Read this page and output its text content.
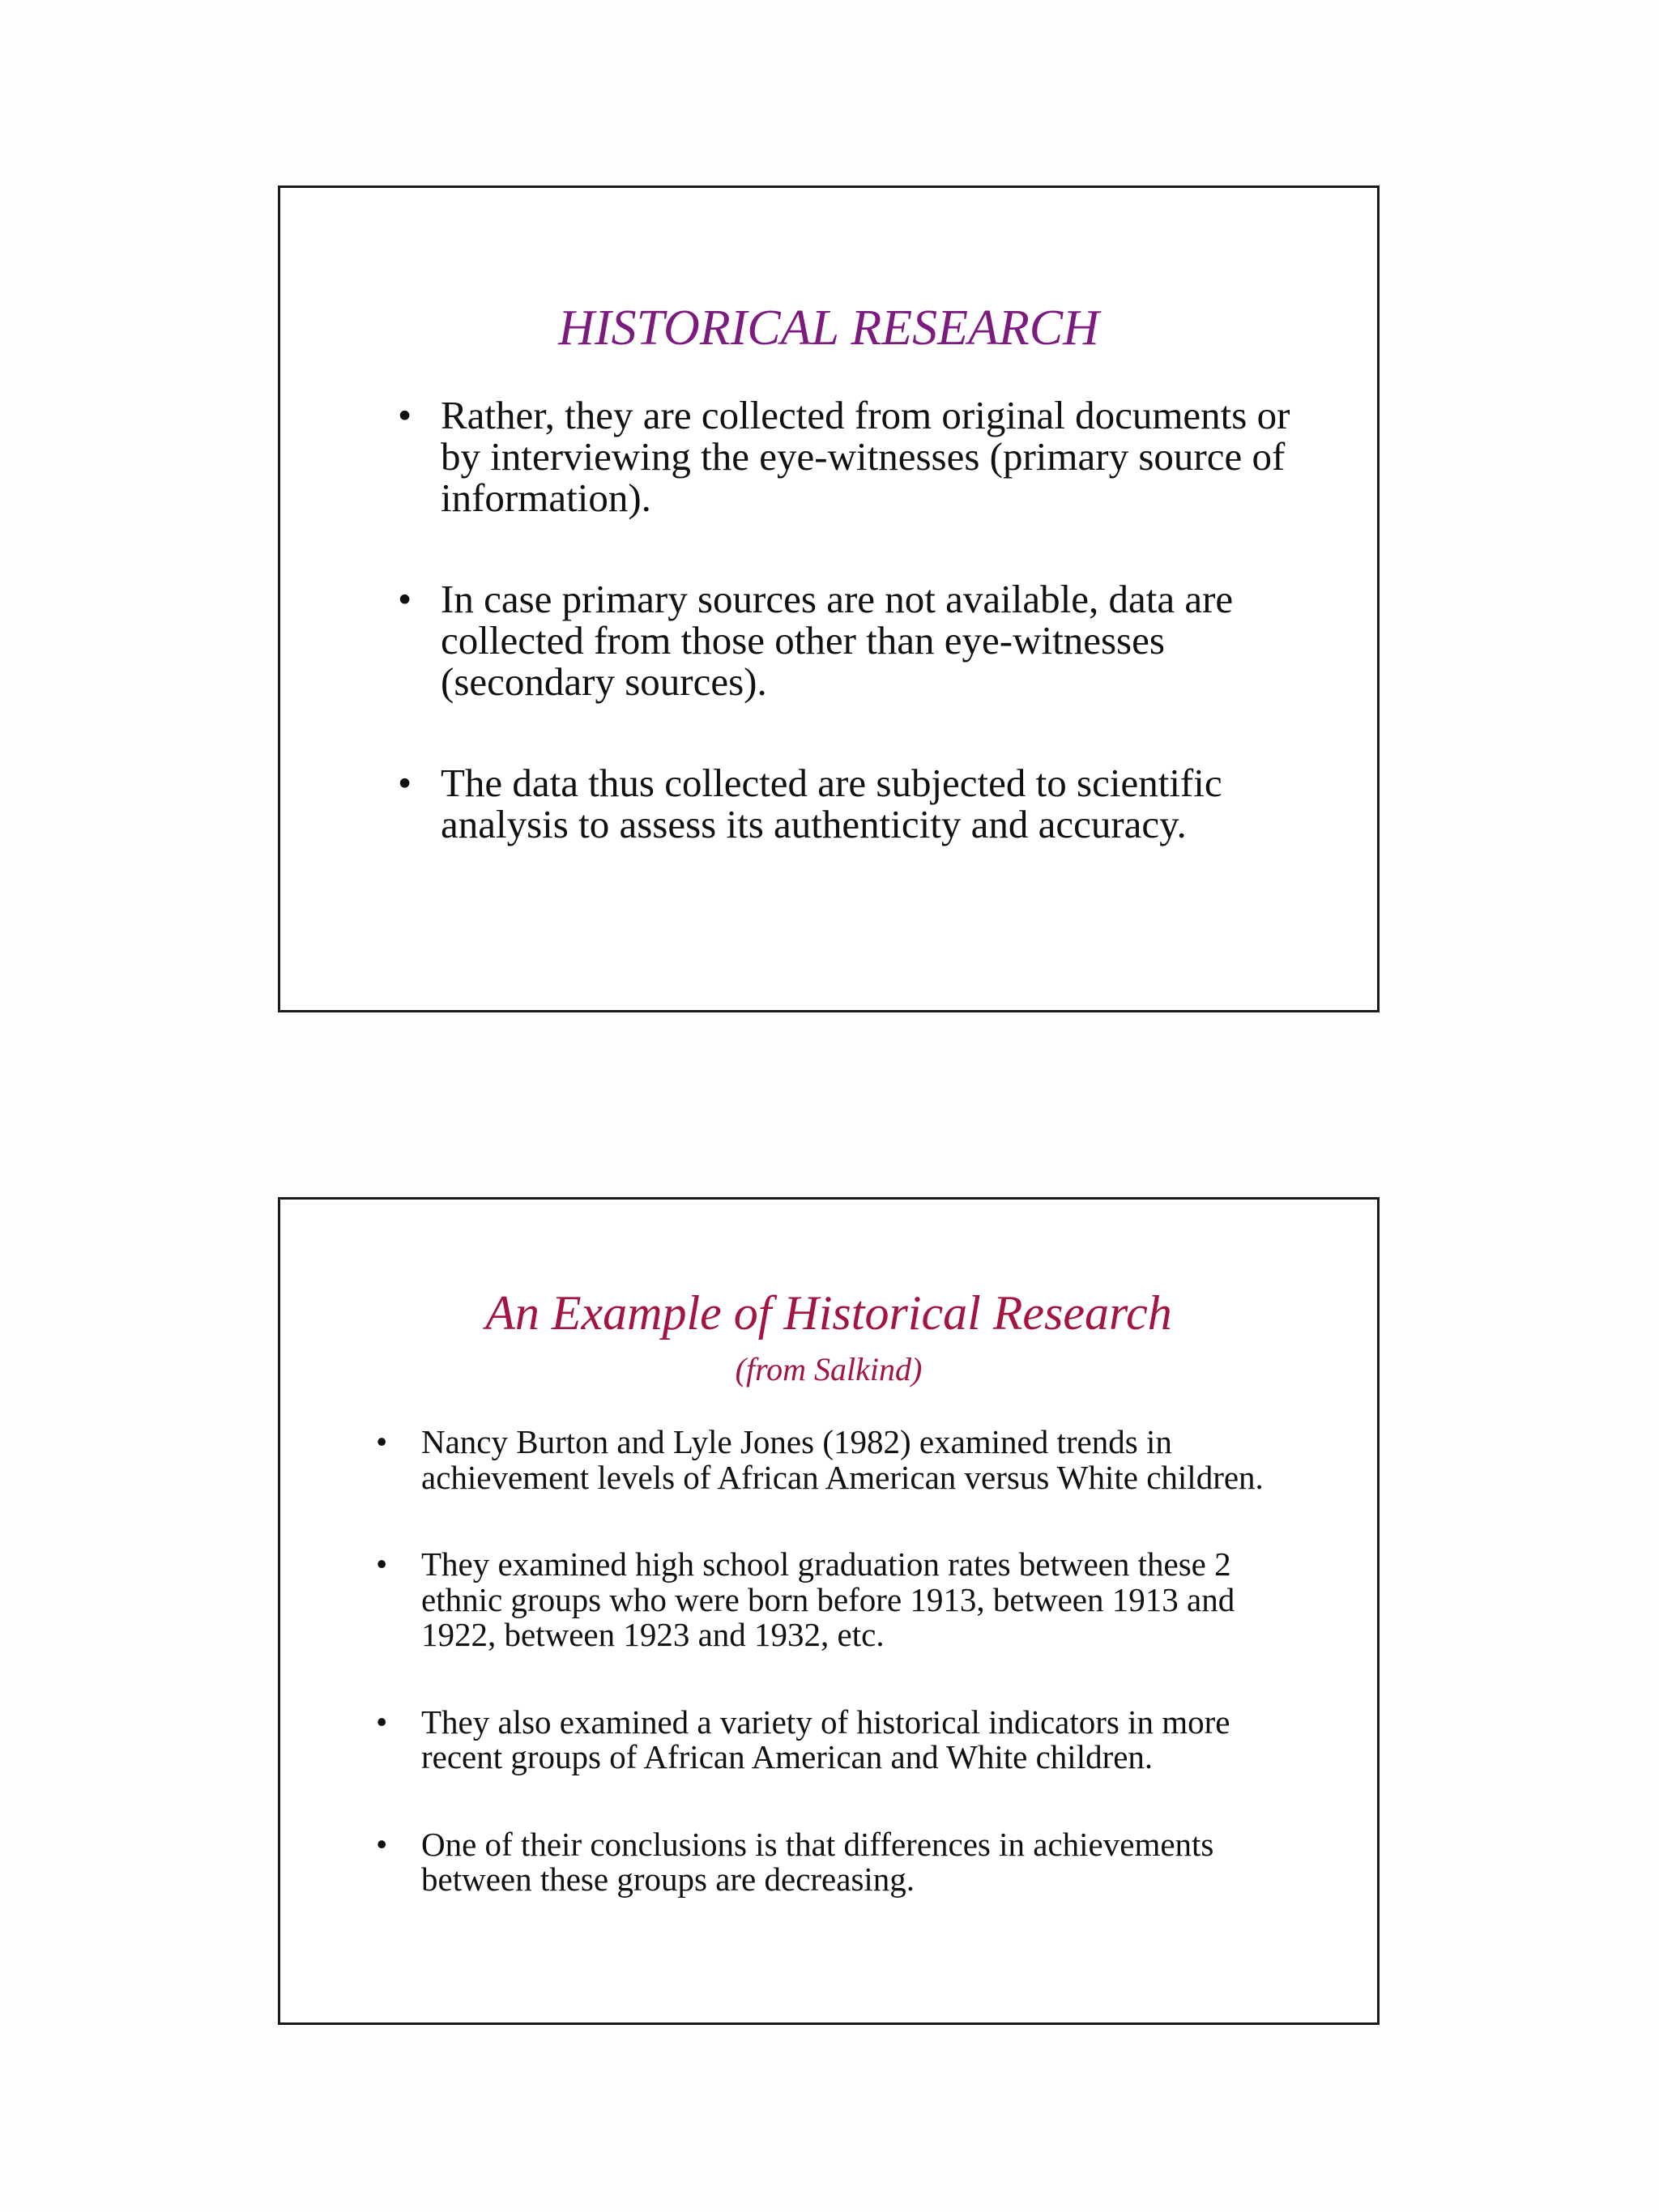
HISTORICAL RESEARCH
• Rather, they are collected from original documents or by interviewing the eye-witnesses (primary source of information).
• In case primary sources are not available, data are collected from those other than eye-witnesses (secondary sources).
• The data thus collected are subjected to scientific analysis to assess its authenticity and accuracy.
An Example of Historical Research
(from Salkind)
• Nancy Burton and Lyle Jones (1982) examined trends in achievement levels of African American versus White children.
• They examined high school graduation rates between these 2 ethnic groups who were born before 1913, between 1913 and 1922, between 1923 and 1932, etc.
• They also examined a variety of historical indicators in more recent groups of African American and White children.
• One of their conclusions is that differences in achievements between these groups are decreasing.
